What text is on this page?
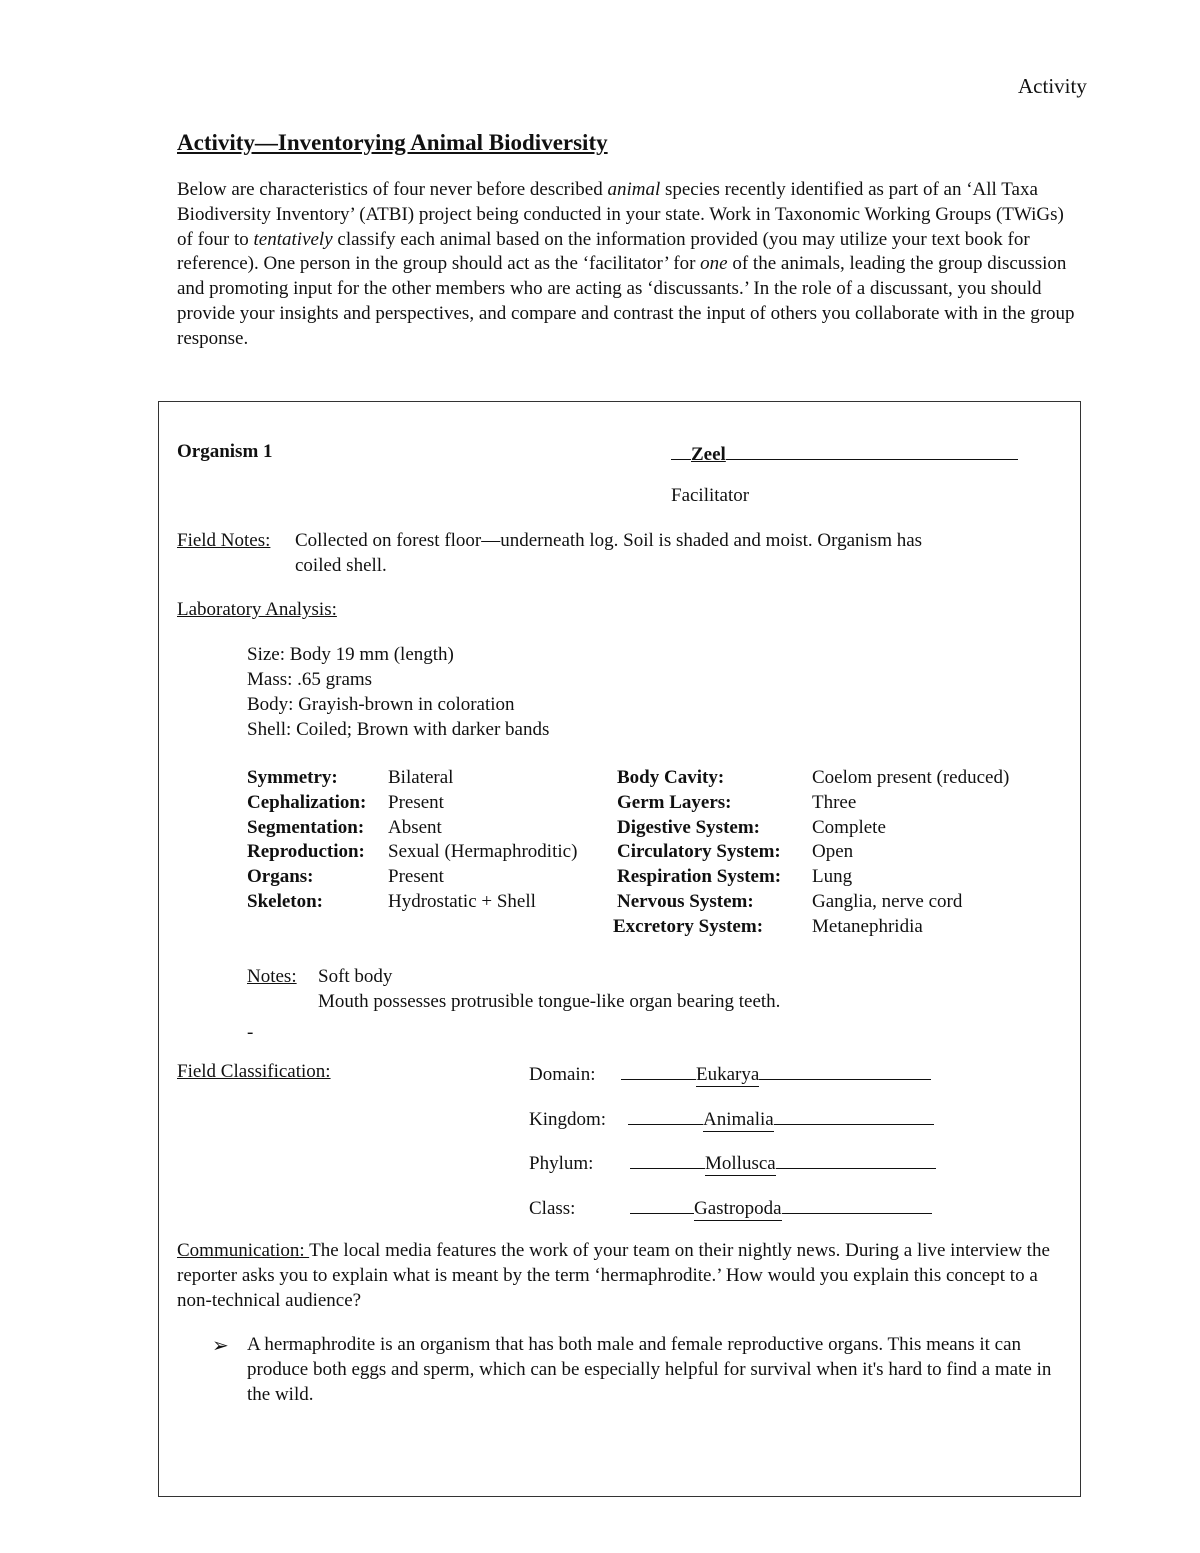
Activity
Activity—Inventorying Animal Biodiversity

Below are characteristics of four never before described animal species recently identified as part of an ‘All Taxa Biodiversity Inventory’ (ATBI) project being conducted in your state. Work in Taxonomic Working Groups (TWiGs) of four to tentatively classify each animal based on the information provided (you may utilize your text book for reference). One person in the group should act as the ‘facilitator’ for one of the animals, leading the group discussion and promoting input for the other members who are acting as ‘discussants.’ In the role of a discussant, you should provide your insights and perspectives, and compare and contrast the input of others you collaborate with in the group response.

Organism 1	Zeel
Facilitator
Field Notes: Collected on forest floor—underneath log. Soil is shaded and moist. Organism has
coiled shell.
Laboratory Analysis:
Size: Body 19 mm (length)
Mass: .65 grams
Body: Grayish-brown in coloration
Shell: Coiled; Brown with darker bands
Symmetry:	Bilateral	Body Cavity:	Coelom present (reduced)
Cephalization: Present	Germ Layers:	Three
Segmentation: Absent	Digestive System:	Complete
Reproduction: Sexual (Hermaphroditic) Circulatory System: Open
Organs:	Present	Respiration System: Lung
Skeleton:	Hydrostatic + Shell	Nervous System:	Ganglia, nerve cord
Excretory System:	Metanephridia
Notes: Soft body
Mouth possesses protrusible tongue-like organ bearing teeth.
-
Field Classification:	Domain:	Eukarya
Kingdom:	Animalia
Phylum:	Mollusca
Class:	Gastropoda
Communication: The local media features the work of your team on their nightly news. During a live interview the reporter asks you to explain what is meant by the term ‘hermaphrodite.’ How would you explain this concept to a non-technical audience?
➢ A hermaphrodite is an organism that has both male and female reproductive organs. This means it can produce both eggs and sperm, which can be especially helpful for survival when it's hard to find a mate in the wild.
